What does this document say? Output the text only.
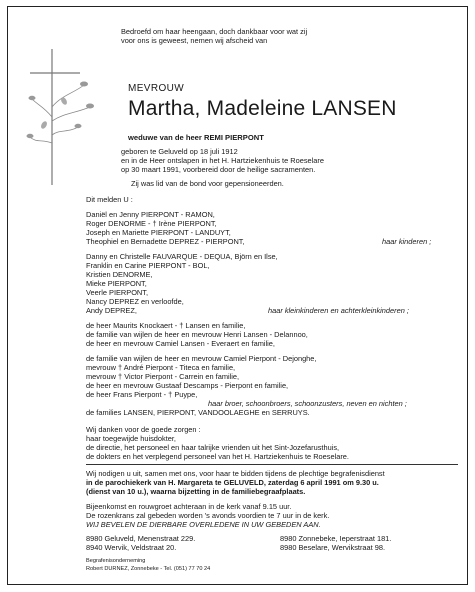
Bedroefd om haar heengaan, doch dankbaar voor wat zij

voor ons is geweest, nemen wij afscheid van

MEVROUW
Martha, Madeleine LANSEN
weduwe van de heer REMI PIERPONT

geboren te Geluveld op 18 juli 1912

en in de Heer ontslapen in het H. Hartziekenhuis te Roeselare

op 30 maart 1991, voorbereid door de heilige sacramenten.

Zij was lid van de bond voor gepensioneerden.

Dit melden U :

Daniël en Jenny PIERPONT - RAMON,

Roger DENORME - † Irène PIERPONT,

Joseph en Mariette PIERPONT - LANDUYT,

Theophiel en Bernadette DEPREZ - PIERPONT,	haar kinderen ;

Danny en Christelle FAUVARQUE - DEQUA, Björn en Ilse,

Franklin en Carine PIERPONT - BOL,

Kristien DENORME,

Mieke PIERPONT,

Veerle PIERPONT,

Nancy DEPREZ en verloofde,

Andy DEPREZ,	haar kleinkinderen en achterkleinkinderen ;

de heer Maurits Knockaert - † Lansen en familie,

de familie van wijlen de heer en mevrouw Henri Lansen - Delannoo,

de heer en mevrouw Camiel Lansen - Everaert en familie,

de familie van wijlen de heer en mevrouw Camiel Pierpont - Dejonghe,

mevrouw † André Pierpont - Titeca en familie,

mevrouw † Victor Pierpont - Carrein en familie,

de heer en mevrouw Gustaaf Descamps - Pierpont en familie,

de heer Frans Pierpont - † Puype,

haar broer, schoonbroers, schoonzusters, neven en nichten ;

de families LANSEN, PIERPONT, VANDOOLAEGHE en SERRUYS.

Wij danken voor de goede zorgen :

haar toegewijde huisdokter,

de directie, het personeel en haar talrijke vrienden uit het Sint-Jozefarusthuis,

de dokters en het verplegend personeel van het H. Hartziekenhuis te Roeselare.

Wij nodigen u uit, samen met ons, voor haar te bidden tijdens de plechtige begrafenisdienst

in de parochiekerk van H. Margareta te GELUVELD, zaterdag 6 april 1991 om 9.30 u.

(dienst van 10 u.), waarna bijzetting in de familiebegraafplaats.

Bijeenkomst en rouwgroet achteraan in de kerk vanaf 9.15 uur.

De rozenkrans zal gebeden worden 's avonds voordien te 7 uur in de kerk.

WIJ BEVELEN DE DIERBARE OVERLEDENE IN UW GEBEDEN AAN.

8980 Geluveld, Menenstraat 229.

8940 Wervik, Veldstraat 20.

8980 Zonnebeke, Ieperstraat 181.

8980 Beselare, Wervikstraat 98.

Begrafenisonderneming

Robert DURNEZ, Zonnebeke - Tel. (051) 77 70 24
